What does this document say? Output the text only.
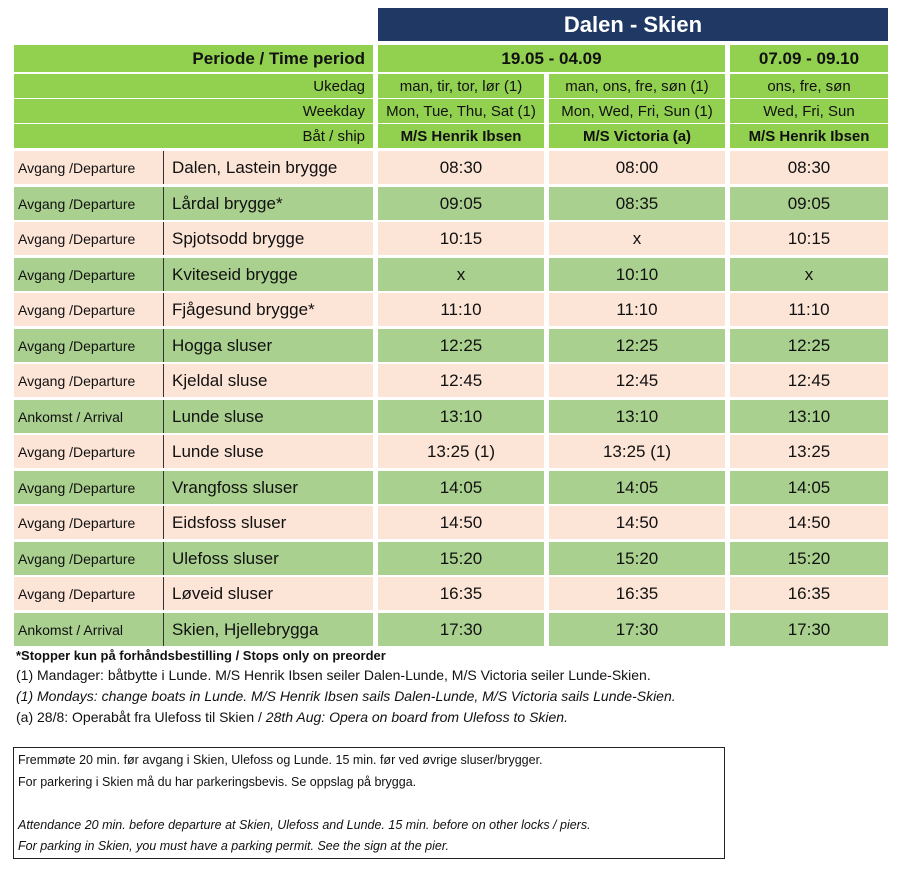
Dalen - Skien
Periode / Time period	19.05 - 04.09	07.09 - 09.10
Ukedag	man, tir, tor, lør (1)	man, ons, fre, søn (1)	ons, fre, søn
Weekday	Mon, Tue, Thu, Sat (1)	Mon, Wed, Fri, Sun (1)	Wed, Fri, Sun
Båt / ship	M/S Henrik Ibsen	M/S Victoria (a)	M/S Henrik Ibsen
Avgang /Departure	Dalen, Lastein brygge	08:30	08:00	08:30
Avgang /Departure	Lårdal brygge*	09:05	08:35	09:05
Avgang /Departure	Spjotsodd brygge	10:15	x	10:15
Avgang /Departure	Kviteseid brygge	x	10:10	x
Avgang /Departure	Fjågesund brygge*	11:10	11:10	11:10
Avgang /Departure	Hogga sluser	12:25	12:25	12:25
Avgang /Departure	Kjeldal sluse	12:45	12:45	12:45
Ankomst / Arrival	Lunde sluse	13:10	13:10	13:10
Avgang /Departure	Lunde sluse	13:25 (1)	13:25 (1)	13:25
Avgang /Departure	Vrangfoss sluser	14:05	14:05	14:05
Avgang /Departure	Eidsfoss sluser	14:50	14:50	14:50
Avgang /Departure	Ulefoss sluser	15:20	15:20	15:20
Avgang /Departure	Løveid sluser	16:35	16:35	16:35
Ankomst / Arrival	Skien, Hjellebrygga	17:30	17:30	17:30
*Stopper kun på forhåndsbestilling / Stops only on preorder
(1) Mandager: båtbytte i Lunde. M/S Henrik Ibsen seiler Dalen-Lunde, M/S Victoria seiler Lunde-Skien.
(1) Mondays: change boats in Lunde. M/S Henrik Ibsen sails Dalen-Lunde, M/S Victoria sails Lunde-Skien.
(a) 28/8: Operabåt fra Ulefoss til Skien / 28th Aug: Opera on board from Ulefoss to Skien.
Fremmøte 20 min. før avgang i Skien, Ulefoss og Lunde. 15 min. før ved øvrige sluser/brygger.
For parkering i Skien må du har parkeringsbevis. Se oppslag på brygga.
Attendance 20 min. before departure at Skien, Ulefoss and Lunde. 15 min. before on other locks / piers.
For parking in Skien, you must have a parking permit. See the sign at the pier.
